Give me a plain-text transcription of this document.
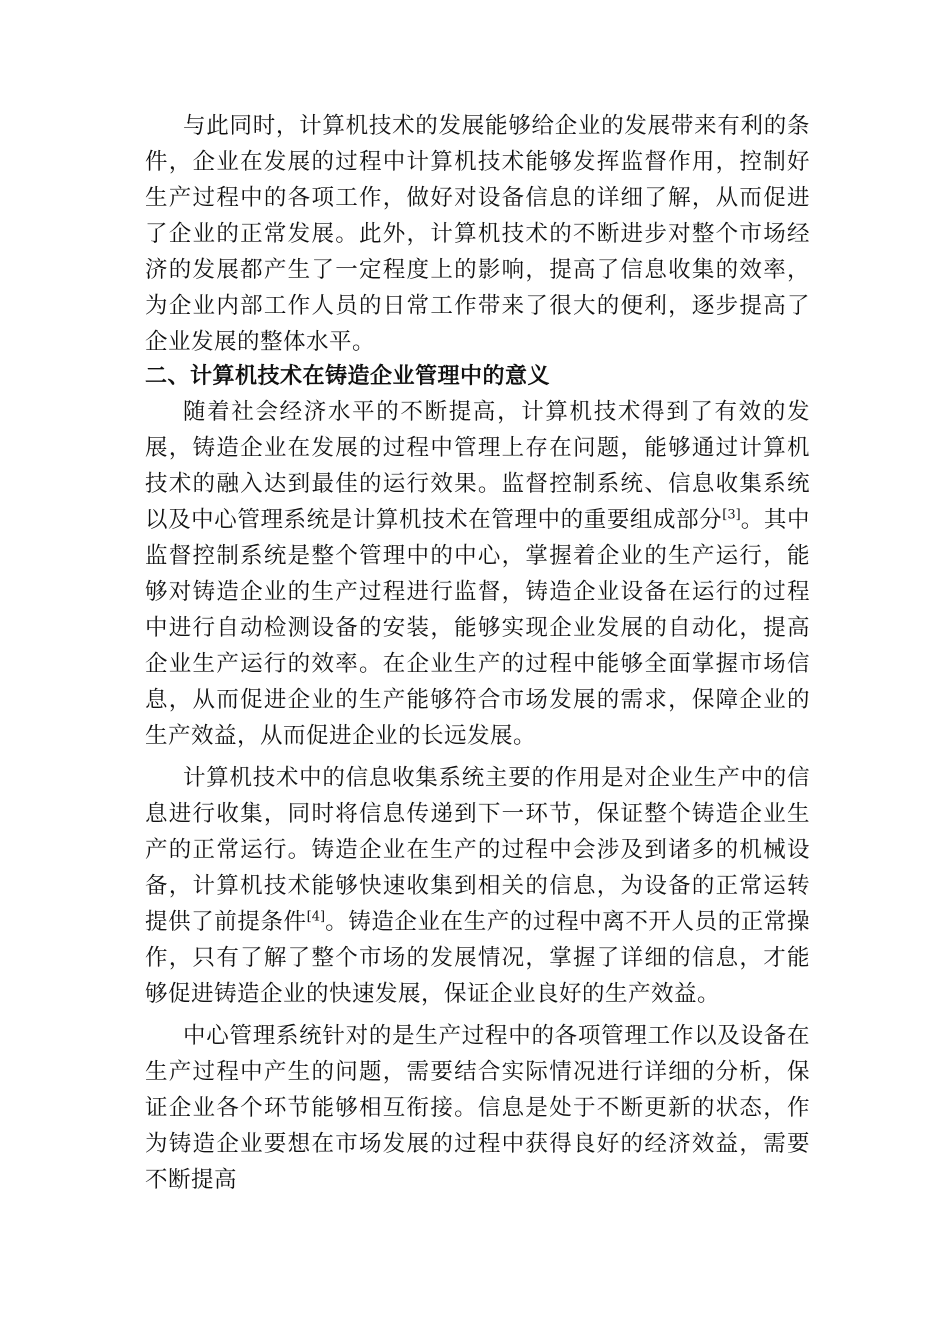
与此同时，计算机技术的发展能够给企业的发展带来有利的条件，企业在发展的过程中计算机技术能够发挥监督作用，控制好生产过程中的各项工作，做好对设备信息的详细了解，从而促进了企业的正常发展。此外，计算机技术的不断进步对整个市场经济的发展都产生了一定程度上的影响，提高了信息收集的效率，为企业内部工作人员的日常工作带来了很大的便利，逐步提高了企业发展的整体水平。

二、计算机技术在铸造企业管理中的意义

随着社会经济水平的不断提高，计算机技术得到了有效的发展，铸造企业在发展的过程中管理上存在问题，能够通过计算机技术的融入达到最佳的运行效果。监督控制系统、信息收集系统以及中心管理系统是计算机技术在管理中的重要组成部分[3]。其中监督控制系统是整个管理中的中心，掌握着企业的生产运行，能够对铸造企业的生产过程进行监督，铸造企业设备在运行的过程中进行自动检测设备的安装，能够实现企业发展的自动化，提高企业生产运行的效率。在企业生产的过程中能够全面掌握市场信息，从而促进企业的生产能够符合市场发展的需求，保障企业的生产效益，从而促进企业的长远发展。

计算机技术中的信息收集系统主要的作用是对企业生产中的信息进行收集，同时将信息传递到下一环节，保证整个铸造企业生产的正常运行。铸造企业在生产的过程中会涉及到诸多的机械设备，计算机技术能够快速收集到相关的信息，为设备的正常运转提供了前提条件[4]。铸造企业在生产的过程中离不开人员的正常操作，只有了解了整个市场的发展情况，掌握了详细的信息，才能够促进铸造企业的快速发展，保证企业良好的生产效益。

中心管理系统针对的是生产过程中的各项管理工作以及设备在生产过程中产生的问题，需要结合实际情况进行详细的分析，保证企业各个环节能够相互衔接。信息是处于不断更新的状态，作为铸造企业要想在市场发展的过程中获得良好的经济效益，需要不断提高
